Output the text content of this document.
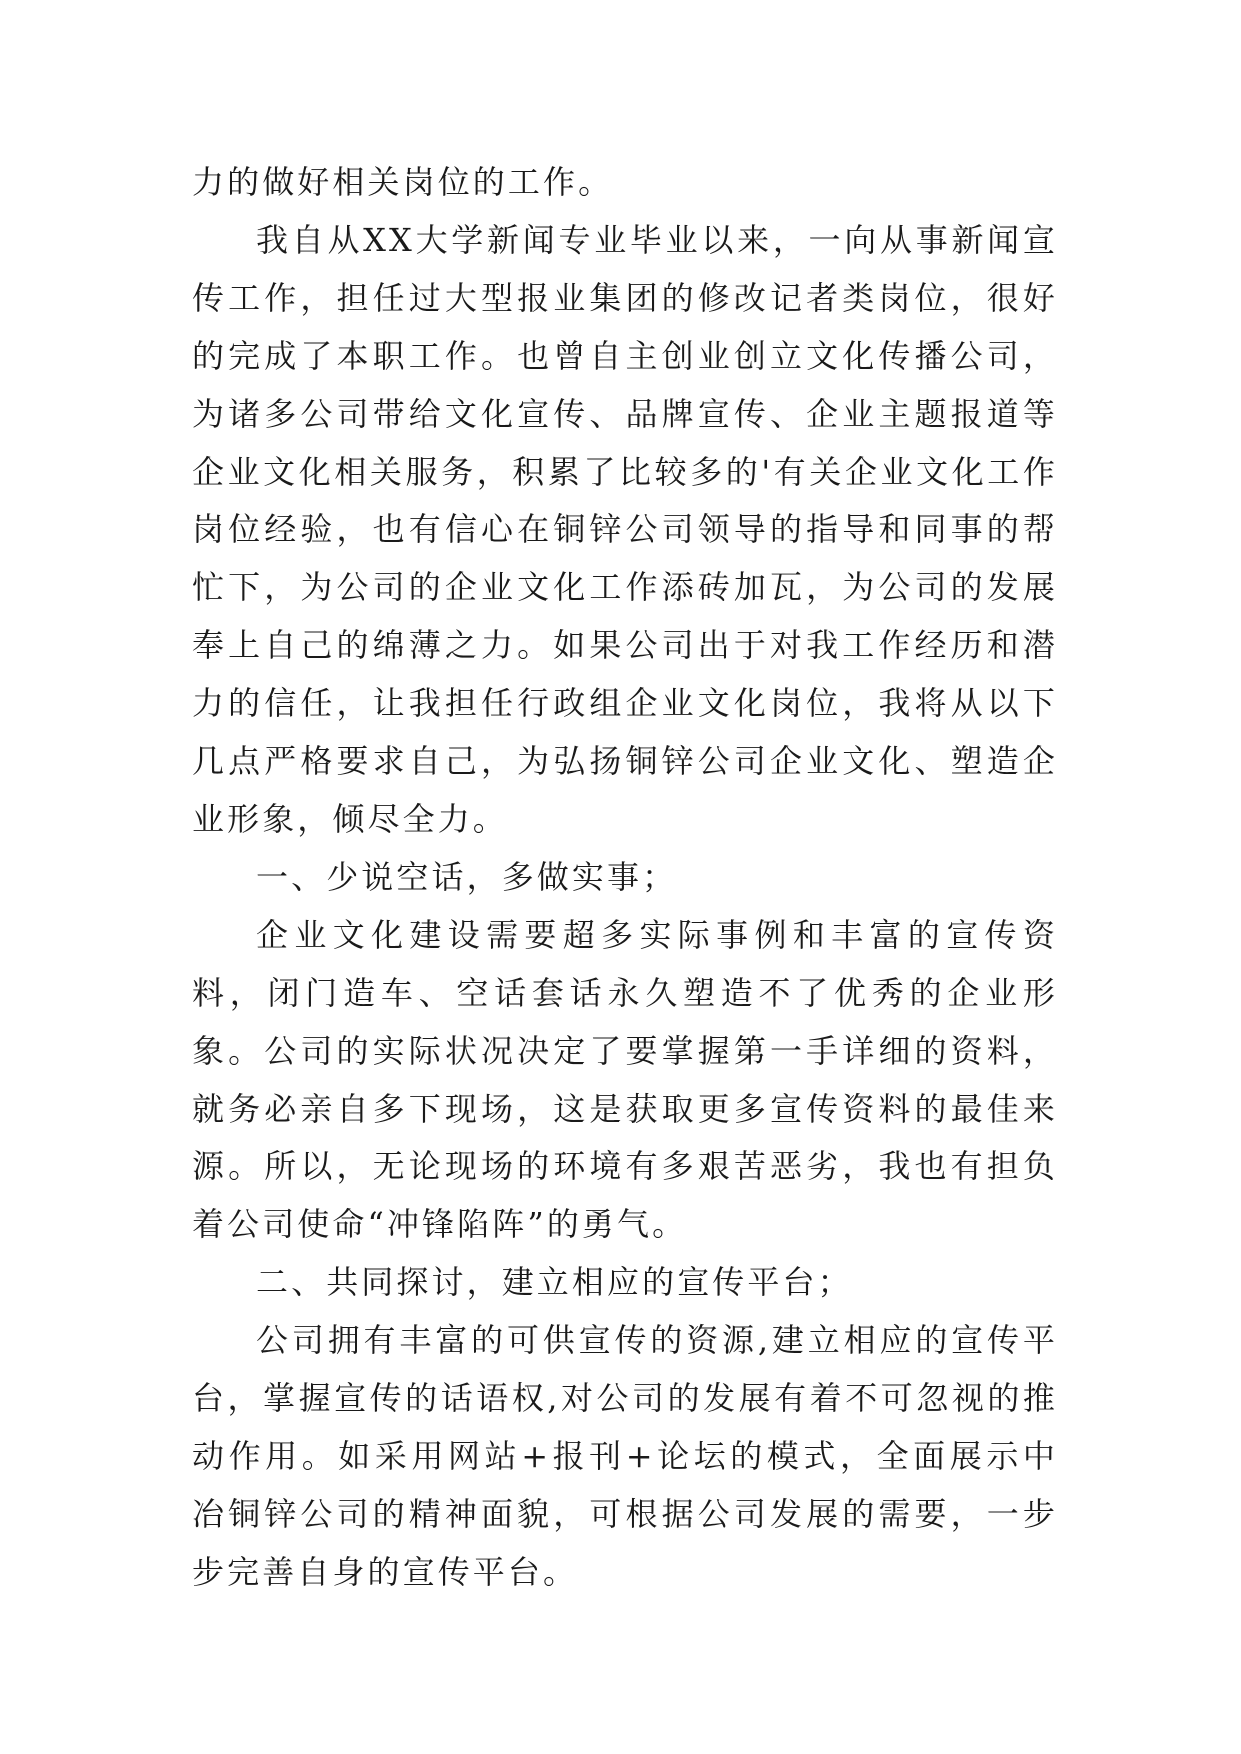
力的做好相关岗位的工作。

我自从XX大学新闻专业毕业以来，一向从事新闻宣传工作，担任过大型报业集团的修改记者类岗位，很好的完成了本职工作。也曾自主创业创立文化传播公司，为诸多公司带给文化宣传、品牌宣传、企业主题报道等企业文化相关服务，积累了比较多的'有关企业文化工作岗位经验，也有信心在铜锌公司领导的指导和同事的帮忙下，为公司的企业文化工作添砖加瓦，为公司的发展奉上自己的绵薄之力。如果公司出于对我工作经历和潜力的信任，让我担任行政组企业文化岗位，我将从以下几点严格要求自己，为弘扬铜锌公司企业文化、塑造企业形象，倾尽全力。

一、少说空话，多做实事；

企业文化建设需要超多实际事例和丰富的宣传资料，闭门造车、空话套话永久塑造不了优秀的企业形象。公司的实际状况决定了要掌握第一手详细的资料，就务必亲自多下现场，这是获取更多宣传资料的最佳来源。所以，无论现场的环境有多艰苦恶劣，我也有担负着公司使命“冲锋陷阵”的勇气。

二、共同探讨，建立相应的宣传平台；

公司拥有丰富的可供宣传的资源,建立相应的宣传平台，掌握宣传的话语权,对公司的发展有着不可忽视的推动作用。如采用网站+报刊+论坛的模式，全面展示中冶铜锌公司的精神面貌，可根据公司发展的需要，一步步完善自身的宣传平台。
